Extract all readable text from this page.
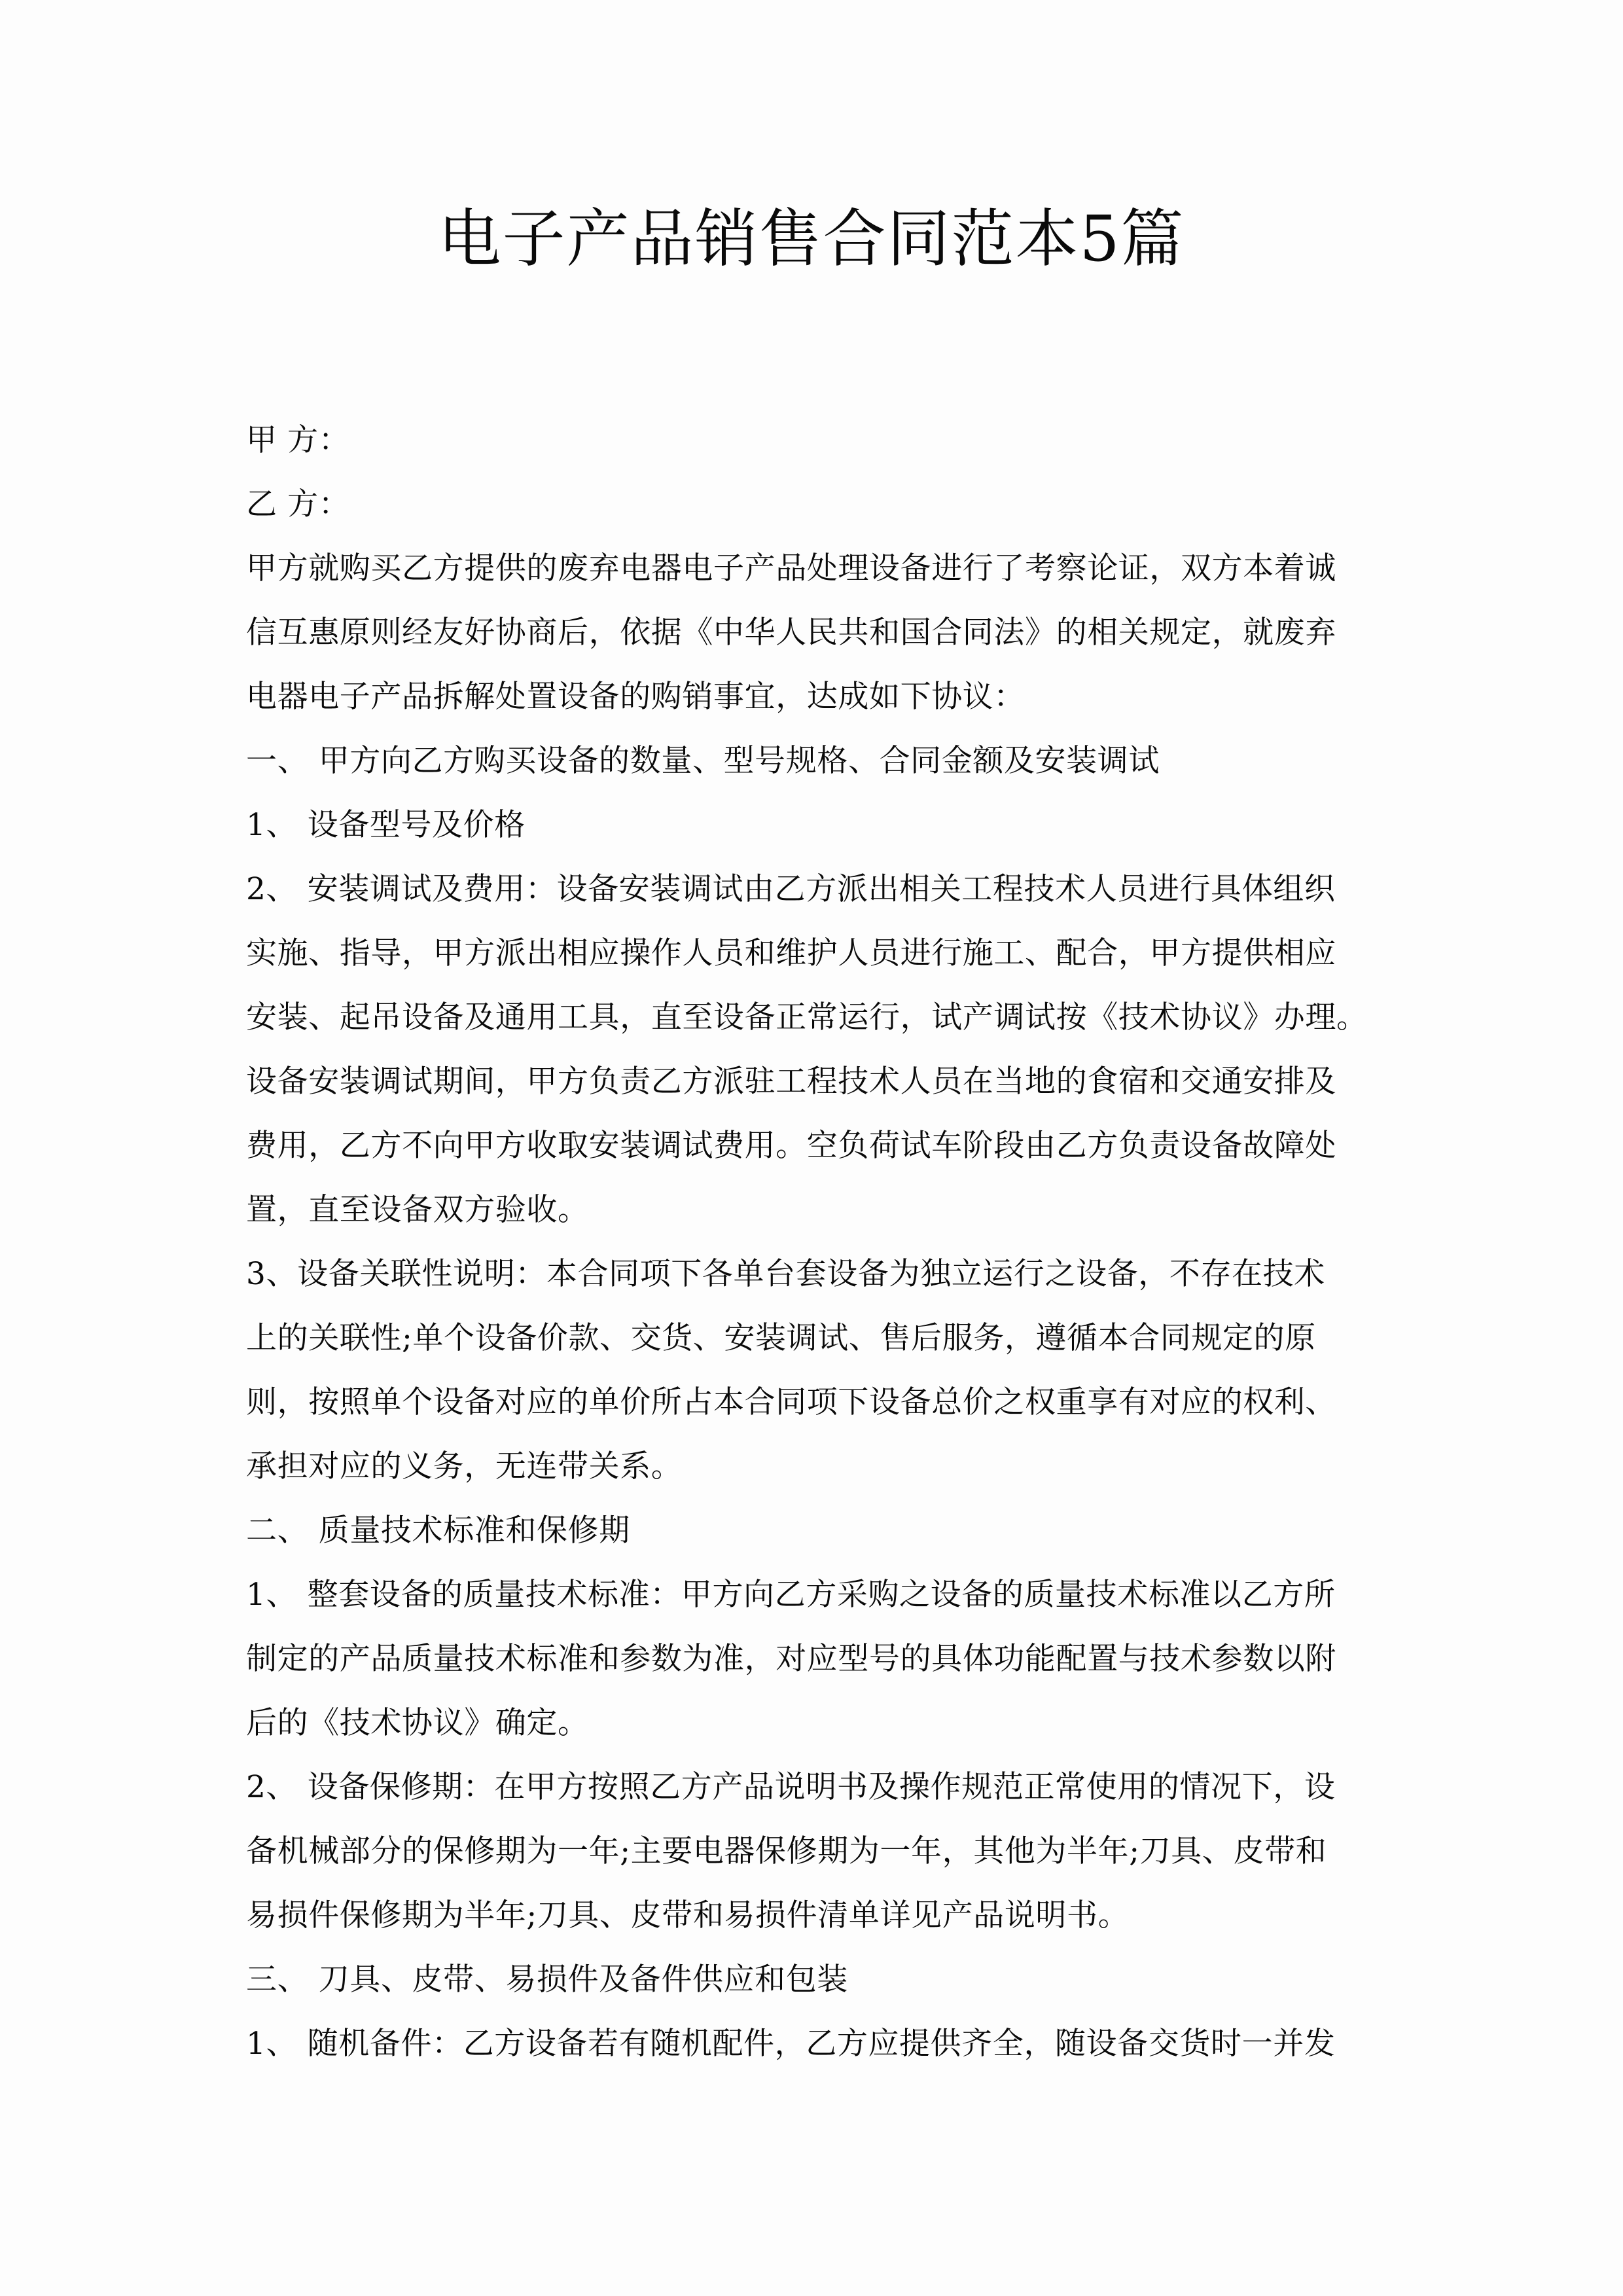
电子产品销售合同范本5篇
甲 方：
乙 方：
甲方就购买乙方提供的废弃电器电子产品处理设备进行了考察论证，双方本着诚
信互惠原则经友好协商后，依据《中华人民共和国合同法》的相关规定，就废弃
电器电子产品拆解处置设备的购销事宜，达成如下协议：
一、 甲方向乙方购买设备的数量、型号规格、合同金额及安装调试
1、 设备型号及价格
2、 安装调试及费用：设备安装调试由乙方派出相关工程技术人员进行具体组织
实施、指导，甲方派出相应操作人员和维护人员进行施工、配合，甲方提供相应
安装、起吊设备及通用工具，直至设备正常运行，试产调试按《技术协议》办理。
设备安装调试期间，甲方负责乙方派驻工程技术人员在当地的食宿和交通安排及
费用，乙方不向甲方收取安装调试费用。空负荷试车阶段由乙方负责设备故障处
置，直至设备双方验收。
3、设备关联性说明：本合同项下各单台套设备为独立运行之设备，不存在技术
上的关联性;单个设备价款、交货、安装调试、售后服务，遵循本合同规定的原
则，按照单个设备对应的单价所占本合同项下设备总价之权重享有对应的权利、
承担对应的义务，无连带关系。
二、 质量技术标准和保修期
1、 整套设备的质量技术标准：甲方向乙方采购之设备的质量技术标准以乙方所
制定的产品质量技术标准和参数为准，对应型号的具体功能配置与技术参数以附
后的《技术协议》确定。
2、 设备保修期：在甲方按照乙方产品说明书及操作规范正常使用的情况下，设
备机械部分的保修期为一年;主要电器保修期为一年，其他为半年;刀具、皮带和
易损件保修期为半年;刀具、皮带和易损件清单详见产品说明书。
三、 刀具、皮带、易损件及备件供应和包装
1、 随机备件：乙方设备若有随机配件，乙方应提供齐全，随设备交货时一并发
